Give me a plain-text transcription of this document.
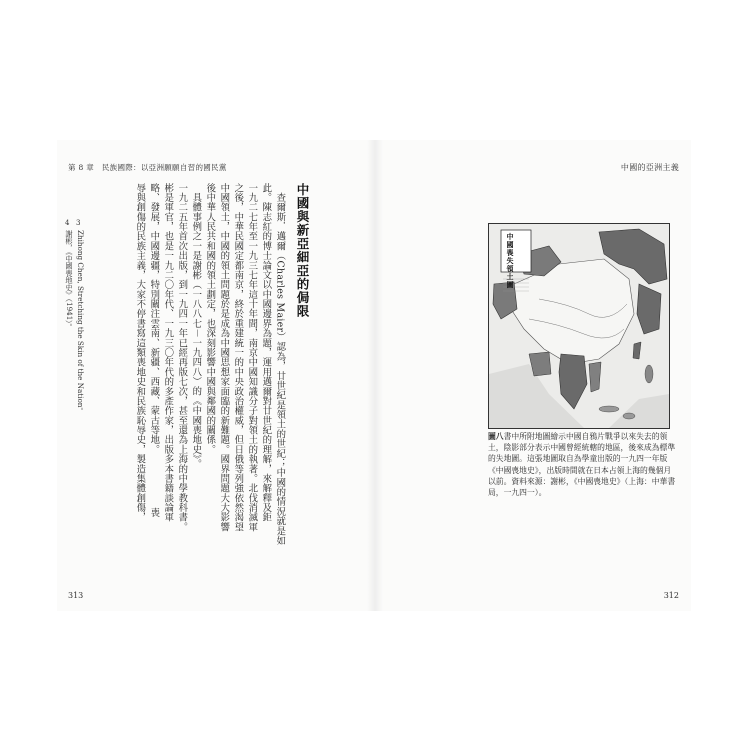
第 8 章　民族國際：以亞洲願願自習的國民黨
中國與新亞細亞的侷限
　查爾斯．邁爾（Charles Maier）認為，廿世紀是領土的世紀；中國的情況就是如
此。陳志紅的博士論文以中國邊界為題，運用邁爾對廿世紀的理解，來解釋及鉅
一九二七年至一九三七年這十年間，南京中國知識分子對領土的執著。北伐消滅軍
之後，中華民國定都南京，終於重建統一的中央政治權威，但日俄等列強依然渴望
中國領土，中國的領土問題於是成為中國思想家面臨的新難題。國界問題大大影響
後中華人民共和國的領土劃定，也深刻影響中國與鄰國的關係。
　具體事例之一是謝彬（一八八七－一九四八）的《中國喪地史》。
一九二五年首次出版，到一九四一年已經再版七次，甚至還為上海的中學教科書。
彬是軍官，也是一九二〇年代、一九三〇年代的多產作家，出版多本書籍談論軍
略、發展，中國邊疆，特別關注雲南、新疆、西藏、蒙古等地。　　　　　　喪
辱與創傷的民族主義，大家不停書寫這類喪地史和民族恥辱史，製造集體創傷，
3
4
Zhihong Chen, Stretching the Skin of the Nation。
謝彬，《中國喪地史》（1941）。
313
中國的亞洲主義
中國喪失領土圖
圖八書中所附地圖繪示中國自鴉片戰爭以來失去的領土，陰影部分表示中國曾經統轄的地區，後來成為標準的失地圖。這張地圖取自為學童出版的一九四一年版《中國喪地史》，出版時間就在日本占領上海的幾個月以前。資料來源：謝彬，《中國喪地史》（上海：中華書局，一九四一）。
312
